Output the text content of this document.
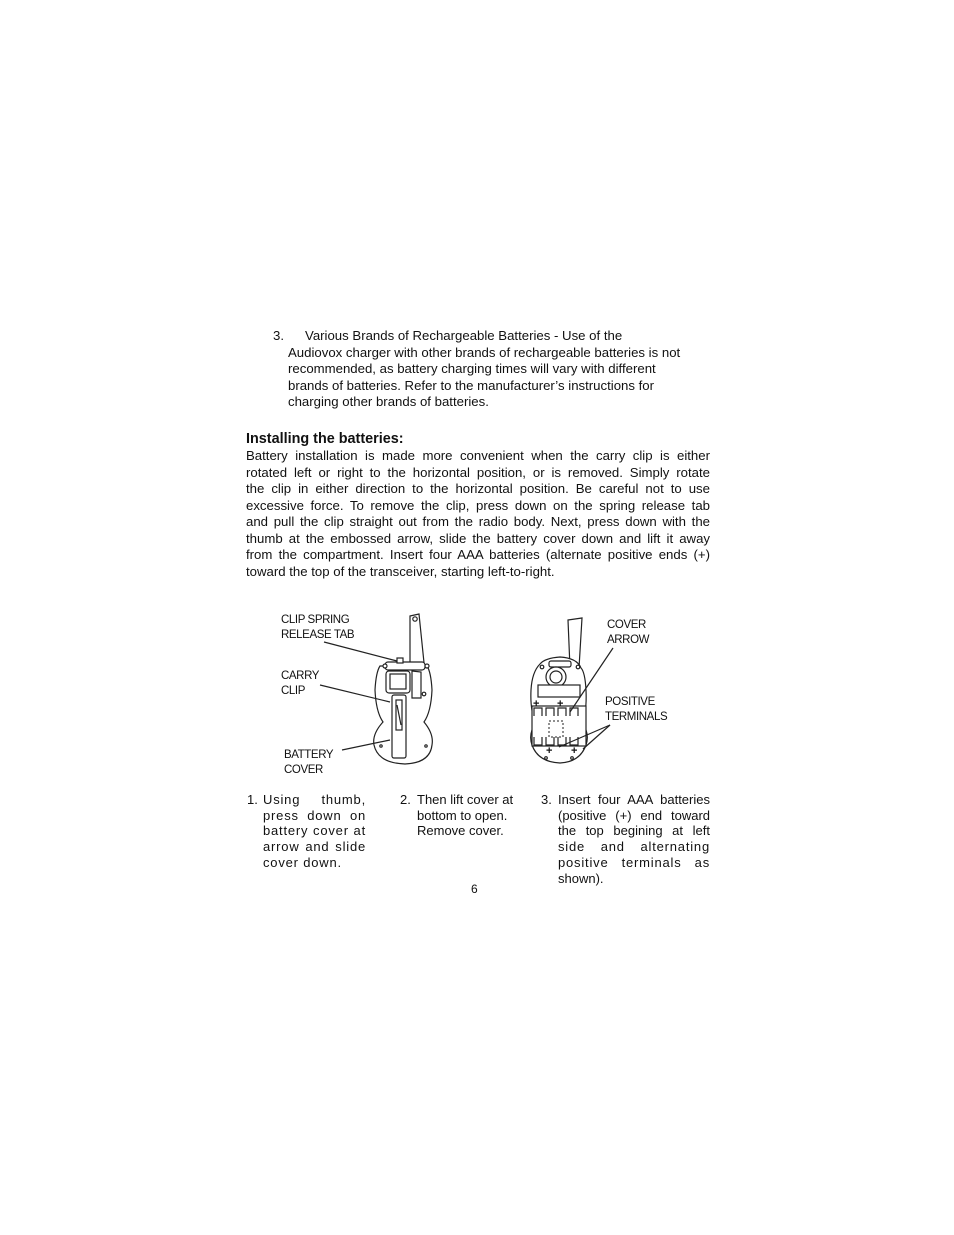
3.	Various Brands of Rechargeable Batteries - Use of the
Audiovox charger with other brands of rechargeable batteries is not
recommended, as battery charging times will vary with different
brands of batteries. Refer to the manufacturer’s instructions for
charging other brands of batteries.
Installing the batteries:
Battery installation is made more convenient when the carry clip is either
rotated left or right to the horizontal position, or is removed. Simply rotate
the clip in either direction to the horizontal position. Be careful not to use
excessive force. To remove the clip, press down on the spring release tab
and pull the clip straight out from the radio body. Next, press down with the
thumb at the embossed arrow, slide the battery cover down and lift it away
from the compartment. Insert four AAA batteries (alternate positive ends (+)
toward the top of the transceiver, starting left-to-right.
+ +
+ +
CLIP SPRING
RELEASE TAB
CARRY
CLIP
BATTERY
COVER
COVER
ARROW
POSITIVE
TERMINALS
1. Using thumb,
press down on
battery cover at
arrow and slide
cover down.
2. Then lift cover at
bottom to open.
Remove cover.
3. Insert four AAA batteries
(positive (+) end toward
the top begining at left
side and alternating
positive terminals as
shown).
6
